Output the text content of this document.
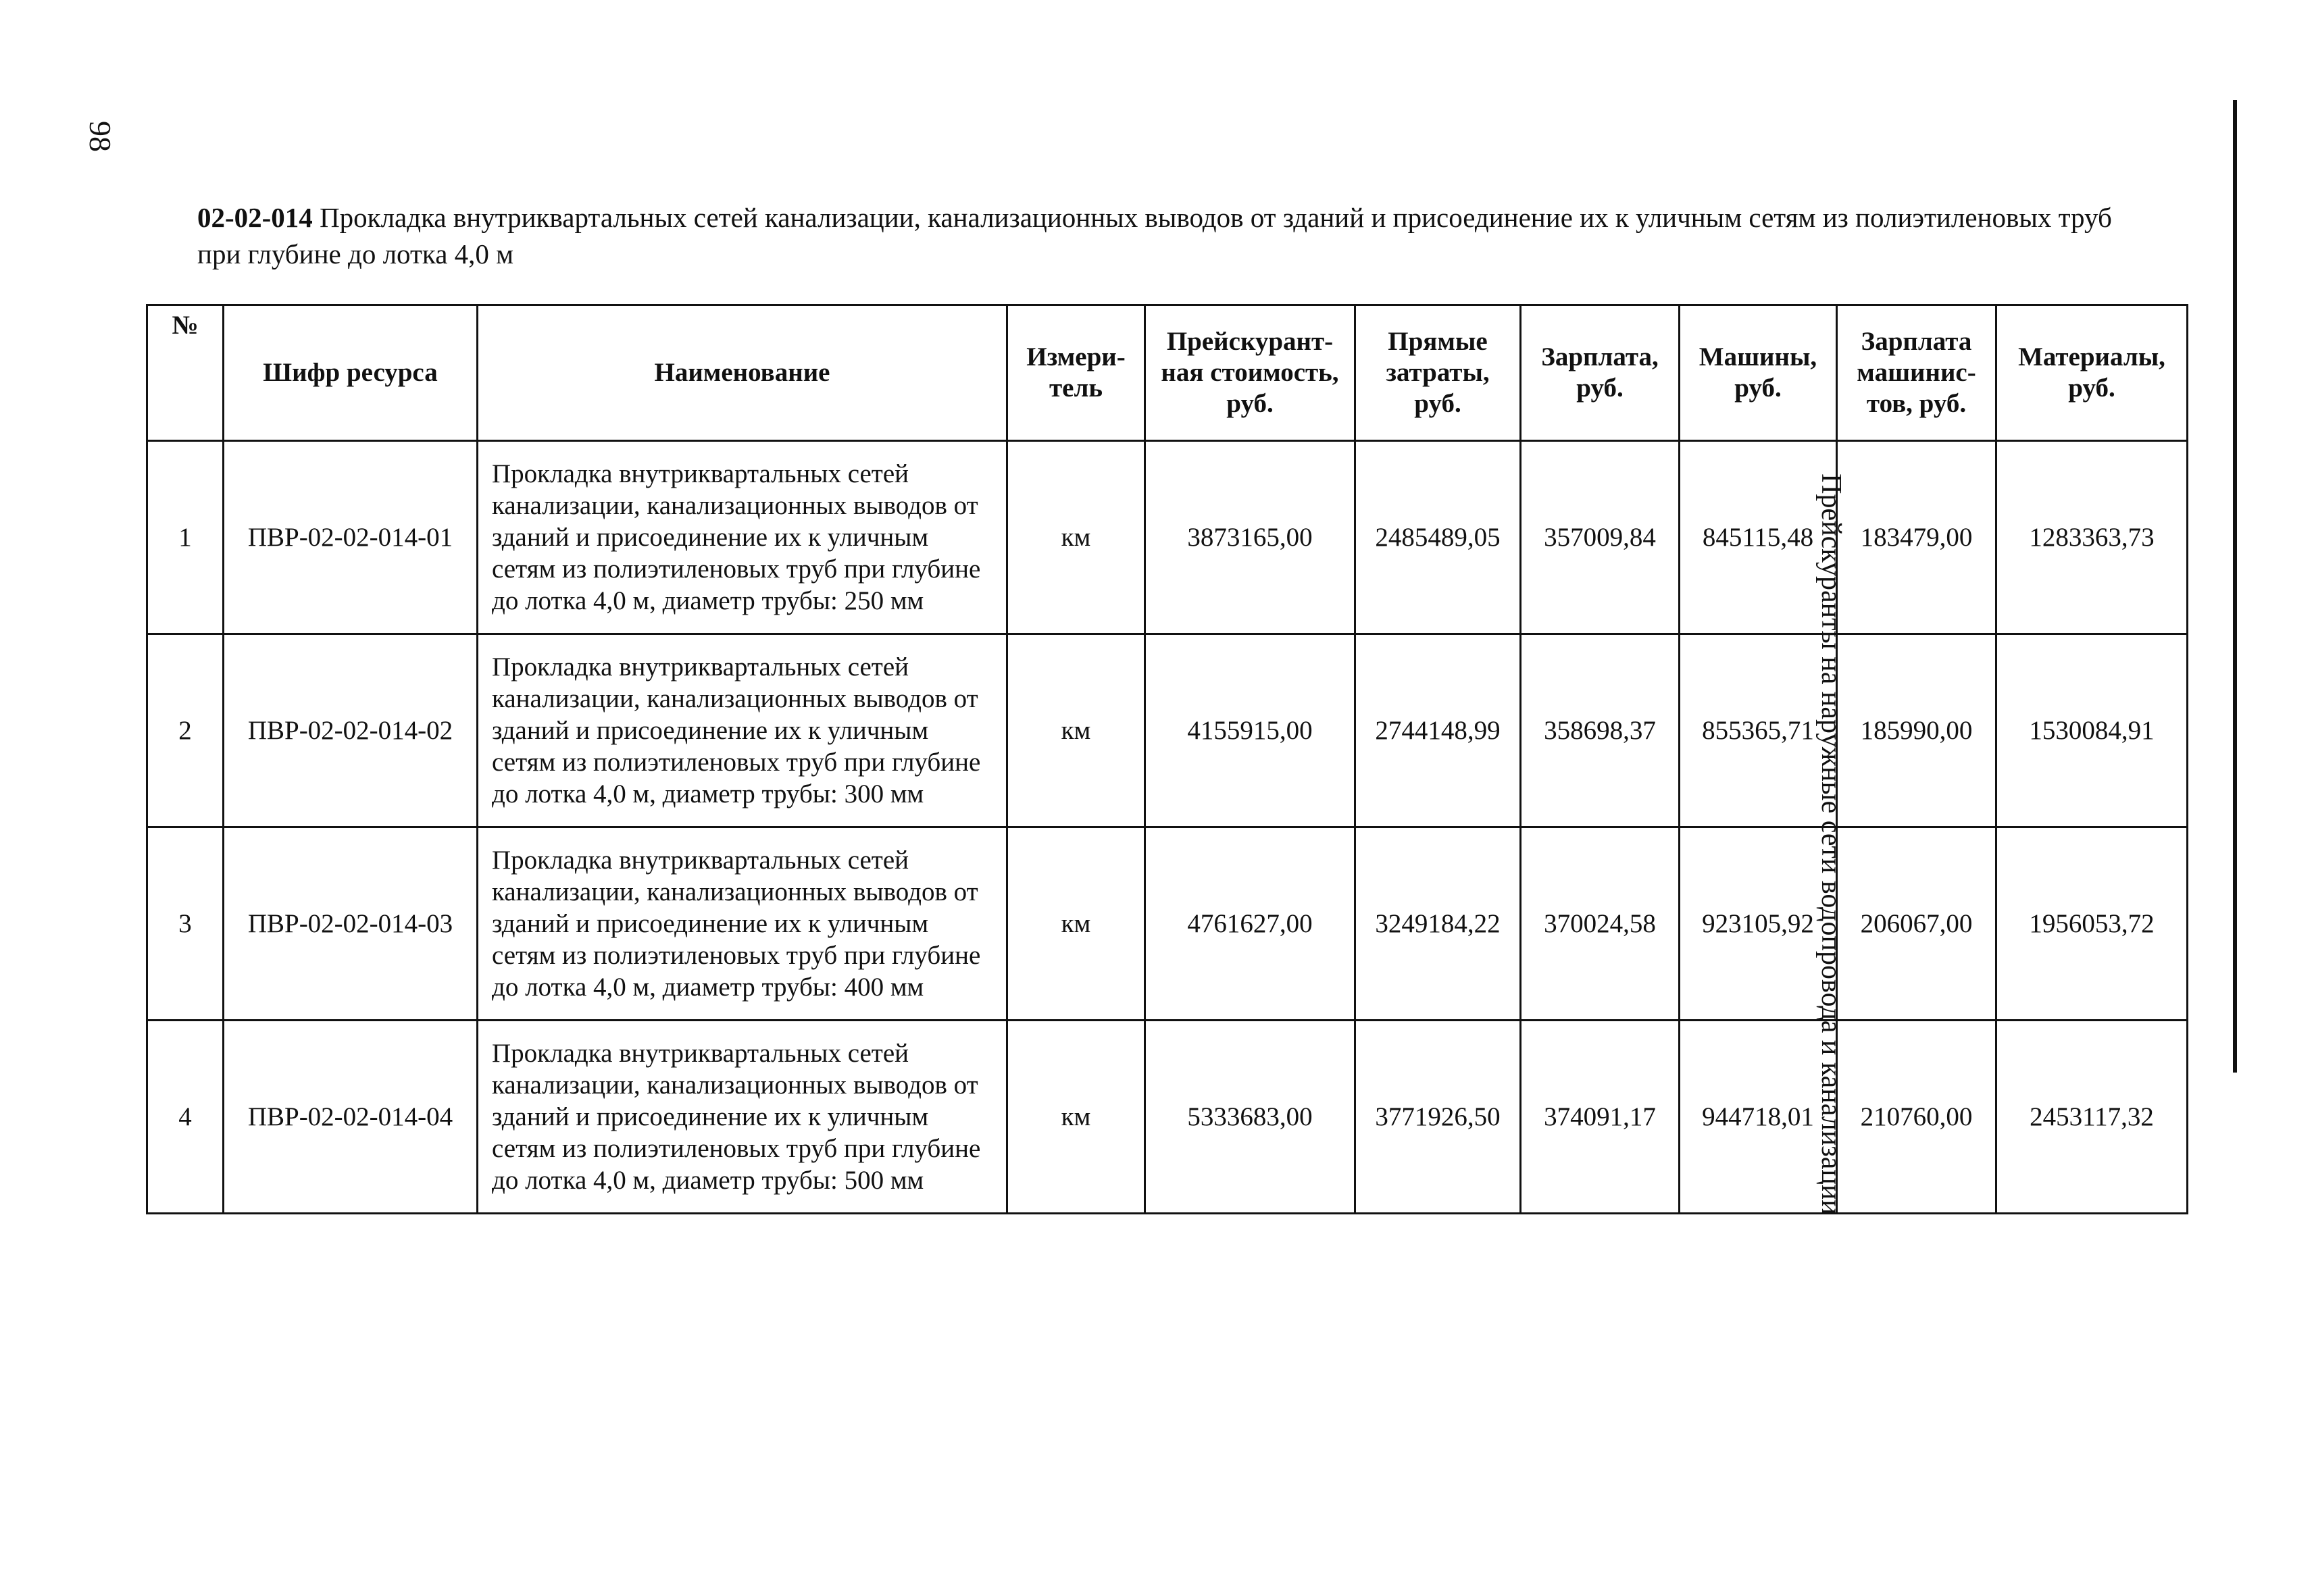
98
Прейскуранты на наружные сети водопровода и канализации
02-02-014 Прокладка внутриквартальных сетей канализации, канализационных выводов от зданий и присоединение их к уличным сетям из полиэтиленовых труб при глубине до лотка 4,0 м
№	Шифр ресурса	Наименование	Измери-тель	Прейскурант-ная стоимость, руб.	Прямые затраты, руб.	Зарплата, руб.	Машины, руб.	Зарплата машинис-тов, руб.	Материалы, руб.
1	ПВР-02-02-014-01	Прокладка внутриквартальных сетей канализации, канализационных выводов от зданий и присоединение их к уличным сетям из полиэтиленовых труб при глубине до лотка 4,0 м, диаметр трубы: 250 мм	км	3873165,00	2485489,05	357009,84	845115,48	183479,00	1283363,73
2	ПВР-02-02-014-02	Прокладка внутриквартальных сетей канализации, канализационных выводов от зданий и присоединение их к уличным сетям из полиэтиленовых труб при глубине до лотка 4,0 м, диаметр трубы: 300 мм	км	4155915,00	2744148,99	358698,37	855365,71	185990,00	1530084,91
3	ПВР-02-02-014-03	Прокладка внутриквартальных сетей канализации, канализационных выводов от зданий и присоединение их к уличным сетям из полиэтиленовых труб при глубине до лотка 4,0 м, диаметр трубы: 400 мм	км	4761627,00	3249184,22	370024,58	923105,92	206067,00	1956053,72
4	ПВР-02-02-014-04	Прокладка внутриквартальных сетей канализации, канализационных выводов от зданий и присоединение их к уличным сетям из полиэтиленовых труб при глубине до лотка 4,0 м, диаметр трубы: 500 мм	км	5333683,00	3771926,50	374091,17	944718,01	210760,00	2453117,32
